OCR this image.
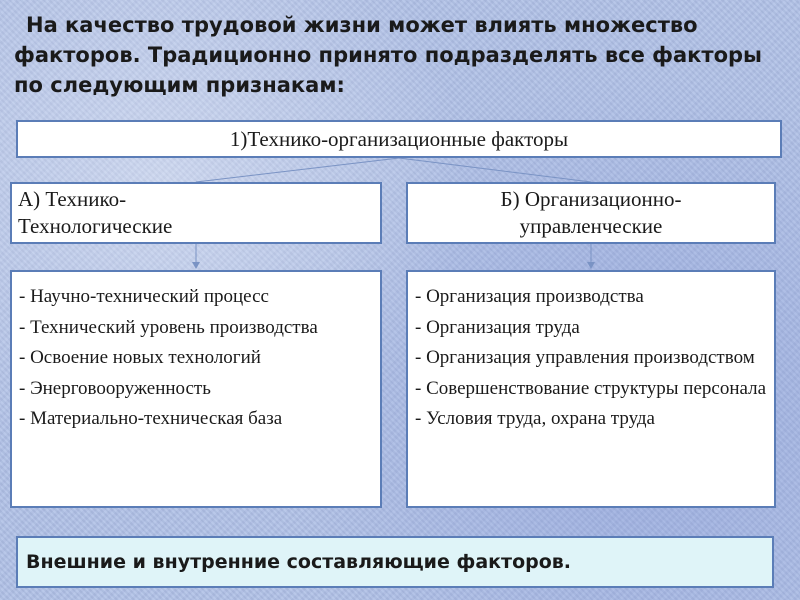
На качество трудовой жизни может влиять множество факторов. Традиционно принято подразделять все факторы по следующим признакам:
1)Технико-организационные факторы
А) Технико-
Технологические
Б) Организационно-
управленческие
- Научно-технический процесс
- Технический уровень производства
- Освоение новых технологий
- Энерговооруженность
- Материально-техническая база
- Организация производства
- Организация труда
- Организация управления производством
- Совершенствование структуры персонала
- Условия труда, охрана труда
Внешние и внутренние составляющие факторов.
